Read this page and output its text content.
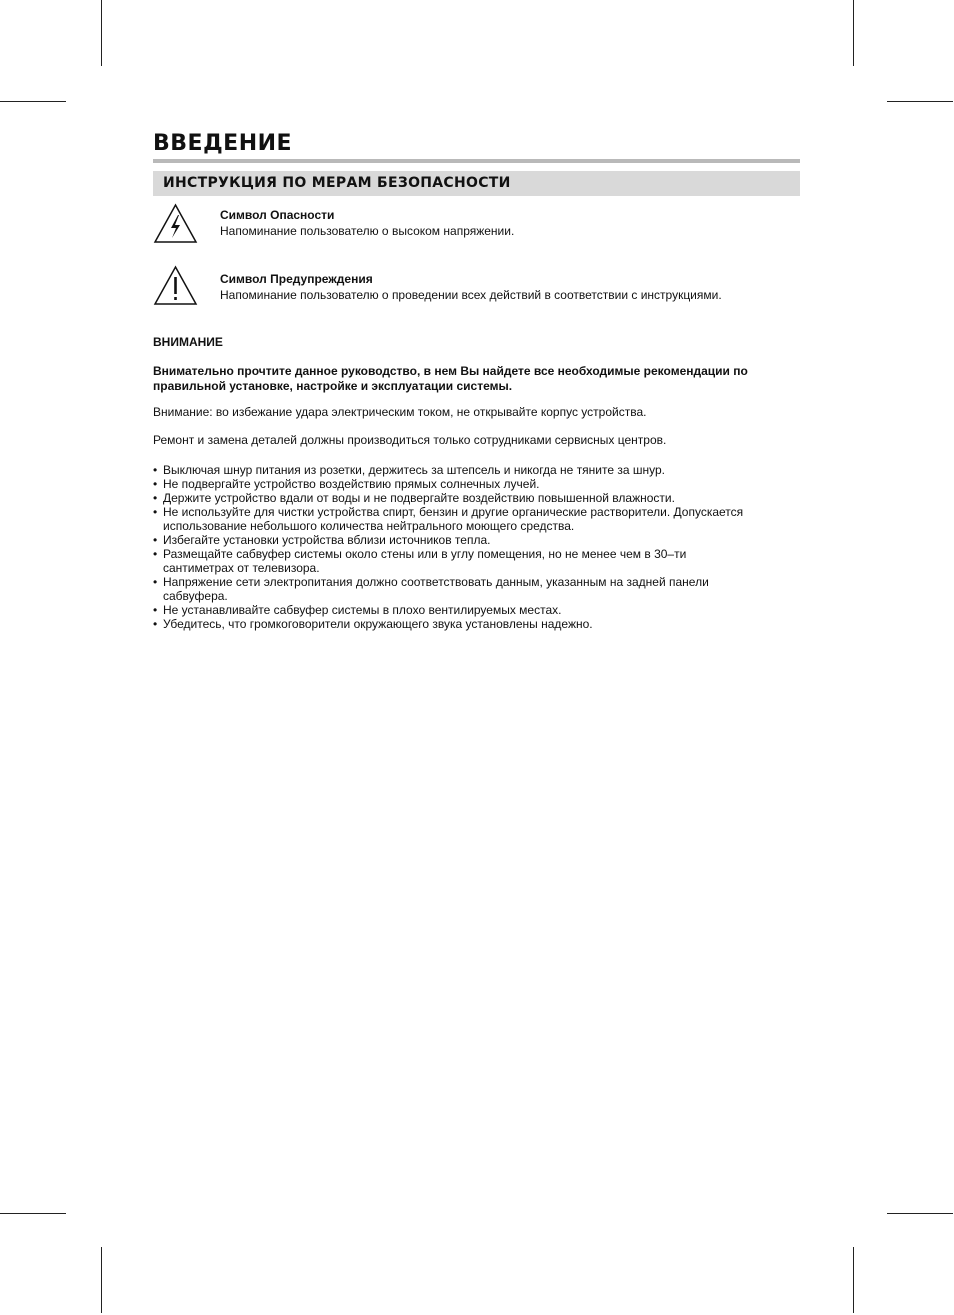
ВВЕДЕНИЕ
ИНСТРУКЦИЯ ПО МЕРАМ БЕЗОПАСНОСТИ
Символ Опасности
Напоминание пользователю о высоком напряжении.
Символ Предупреждения
Напоминание пользователю о проведении всех действий в соответствии с инструкциями.
ВНИМАНИЕ
Внимательно прочтите данное руководство, в нем Вы найдете все необходимые рекомендации по правильной установке, настройке и эксплуатации системы.
Внимание: во избежание удара электрическим током, не открывайте корпус устройства.
Ремонт и замена деталей должны производиться только сотрудниками сервисных центров.
• Выключая шнур питания из розетки, держитесь за штепсель и никогда не тяните за шнур.
• Не подвергайте устройство воздействию прямых солнечных лучей.
• Держите устройство вдали от воды и не подвергайте воздействию повышенной влажности.
• Не используйте для чистки устройства спирт, бензин и другие органические растворители. Допускается использование небольшого количества нейтрального моющего средства.
• Избегайте установки устройства вблизи источников тепла.
• Размещайте сабвуфер системы около стены или в углу помещения, но не менее чем в 30–ти сантиметрах от телевизора.
• Напряжение сети электропитания должно соответствовать данным, указанным на задней панели сабвуфера.
• Не устанавливайте сабвуфер системы в плохо вентилируемых местах.
• Убедитесь, что громкоговорители окружающего звука установлены надежно.
